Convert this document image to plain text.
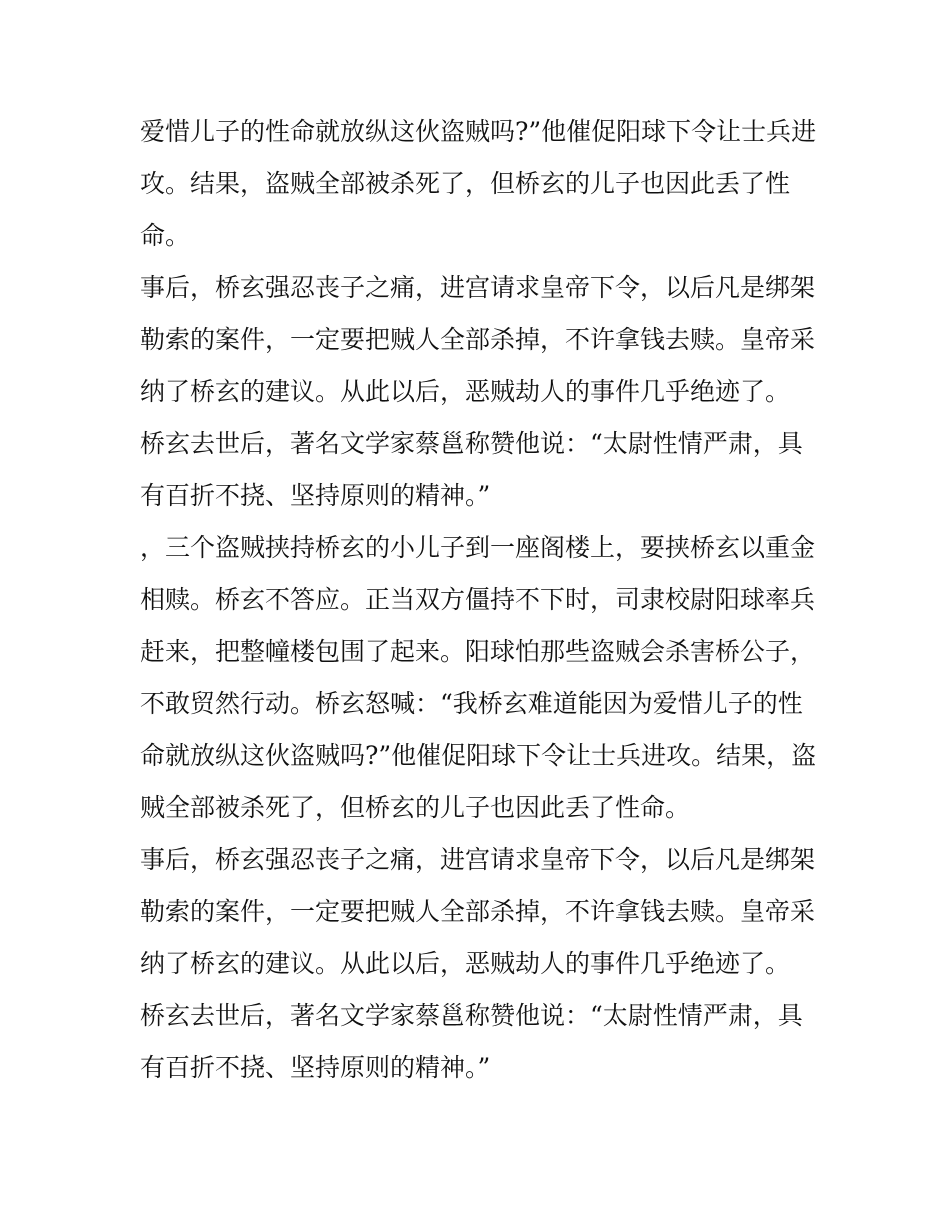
爱惜儿子的性命就放纵这伙盗贼吗?”他催促阳球下令让士兵进
攻。结果，盗贼全部被杀死了，但桥玄的儿子也因此丢了性
命。
事后，桥玄强忍丧子之痛，进宫请求皇帝下令，以后凡是绑架
勒索的案件，一定要把贼人全部杀掉，不许拿钱去赎。皇帝采
纳了桥玄的建议。从此以后，恶贼劫人的事件几乎绝迹了。
桥玄去世后，著名文学家蔡邕称赞他说：“太尉性情严肃，具
有百折不挠、坚持原则的精神。”
，三个盗贼挟持桥玄的小儿子到一座阁楼上，要挟桥玄以重金
相赎。桥玄不答应。正当双方僵持不下时，司隶校尉阳球率兵
赶来，把整幢楼包围了起来。阳球怕那些盗贼会杀害桥公子，
不敢贸然行动。桥玄怒喊：“我桥玄难道能因为爱惜儿子的性
命就放纵这伙盗贼吗?”他催促阳球下令让士兵进攻。结果，盗
贼全部被杀死了，但桥玄的儿子也因此丢了性命。
事后，桥玄强忍丧子之痛，进宫请求皇帝下令，以后凡是绑架
勒索的案件，一定要把贼人全部杀掉，不许拿钱去赎。皇帝采
纳了桥玄的建议。从此以后，恶贼劫人的事件几乎绝迹了。
桥玄去世后，著名文学家蔡邕称赞他说：“太尉性情严肃，具
有百折不挠、坚持原则的精神。”
